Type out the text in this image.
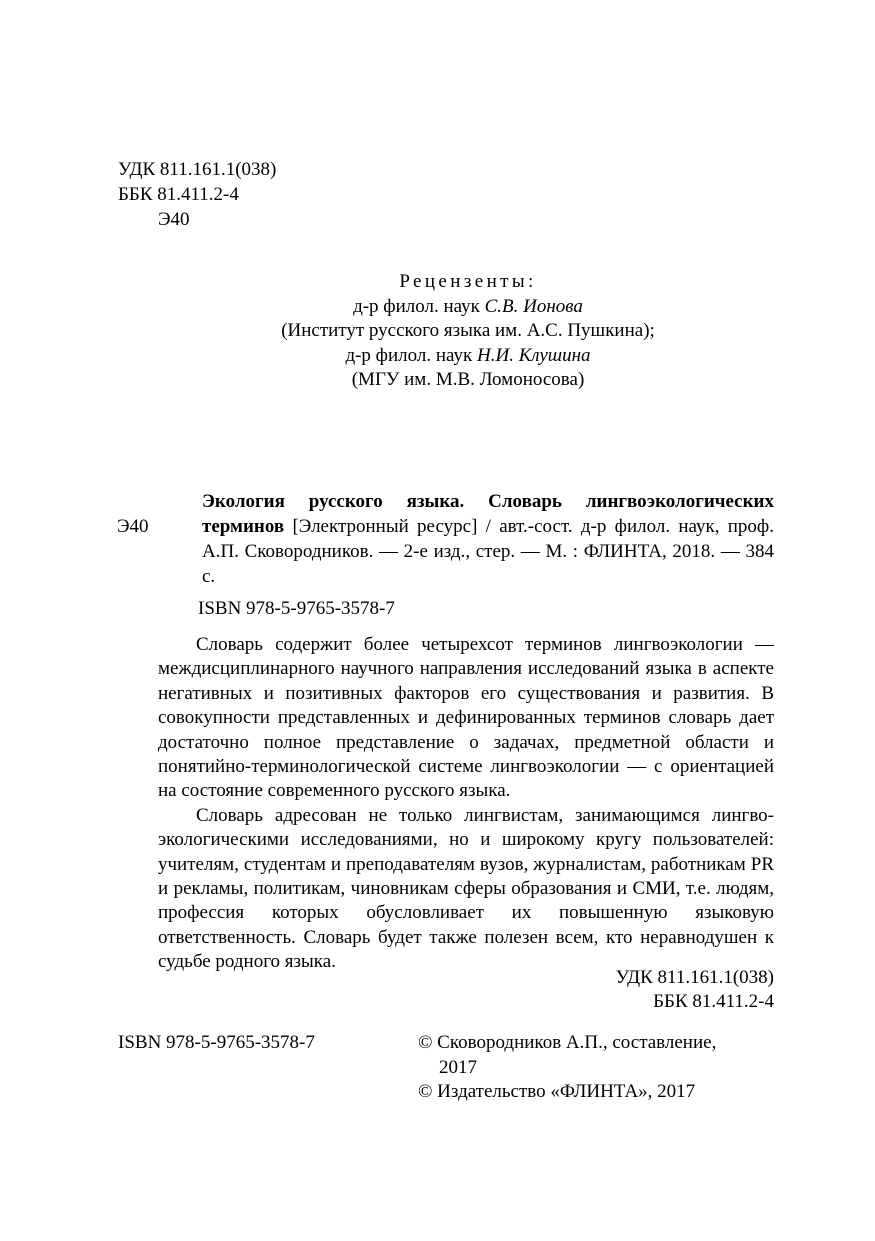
УДК 811.161.1(038)
ББК 81.411.2-4
Э40
Рецензенты:
д-р филол. наук С.В. Ионова
(Институт русского языка им. А.С. Пушкина);
д-р филол. наук Н.И. Клушина
(МГУ им. М.В. Ломоносова)
Э40
Экология русского языка. Словарь лингвоэкологических терминов [Электронный ресурс] / авт.-сост. д-р филол. наук, проф. А.П. Сковородников. — 2-е изд., стер. — М. : ФЛИНТА, 2018. — 384 с.
ISBN 978-5-9765-3578-7

Словарь содержит более четырехсот терминов лингвоэкологии — междисциплинарного научного направления исследований языка в аспекте негативных и позитивных факторов его существования и развития. В совокупности представленных и дефинированных терминов словарь дает достаточно полное представление о задачах, предметной области и понятийно-терминологической системе лингвоэкологии — с ориентацией на состояние современного русского языка.

Словарь адресован не только лингвистам, занимающимся лингвоэкологическими исследованиями, но и широкому кругу пользователей: учителям, студентам и преподавателям вузов, журналистам, работникам PR и рекламы, политикам, чиновникам сферы образования и СМИ, т.е. людям, профессия которых обусловливает их повышенную языковую ответственность. Словарь будет также полезен всем, кто неравнодушен к судьбе родного языка.

УДК 811.161.1(038)
ББК 81.411.2-4
ISBN 978-5-9765-3578-7	© Сковородников А.П., составление,
2017
© Издательство «ФЛИНТА», 2017
